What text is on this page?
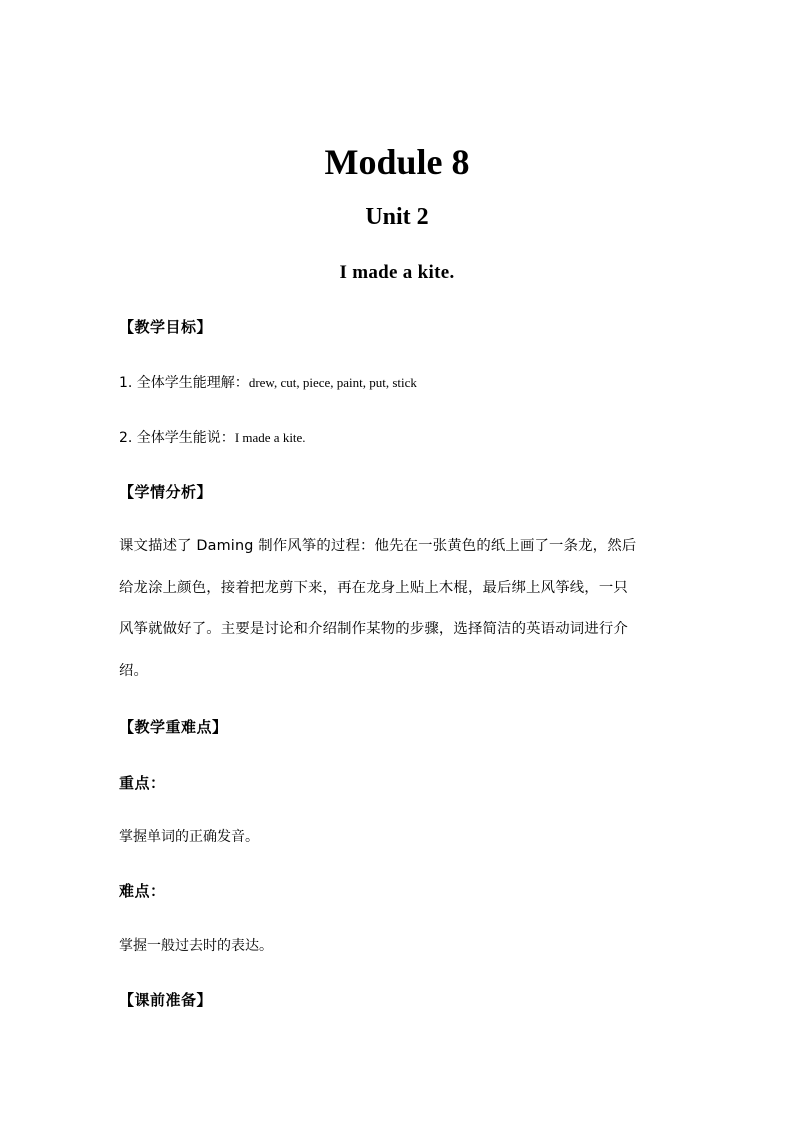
Module 8
Unit 2
I made a kite.
【教学目标】
1. 全体学生能理解：drew, cut, piece, paint, put, stick
2. 全体学生能说：I made a kite.
【学情分析】
课文描述了 Daming 制作风筝的过程：他先在一张黄色的纸上画了一条龙，然后
给龙涂上颜色，接着把龙剪下来，再在龙身上贴上木棍，最后绑上风筝线，一只
风筝就做好了。主要是讨论和介绍制作某物的步骤，选择简洁的英语动词进行介
绍。
【教学重难点】
重点：
掌握单词的正确发音。
难点：
掌握一般过去时的表达。
【课前准备】
